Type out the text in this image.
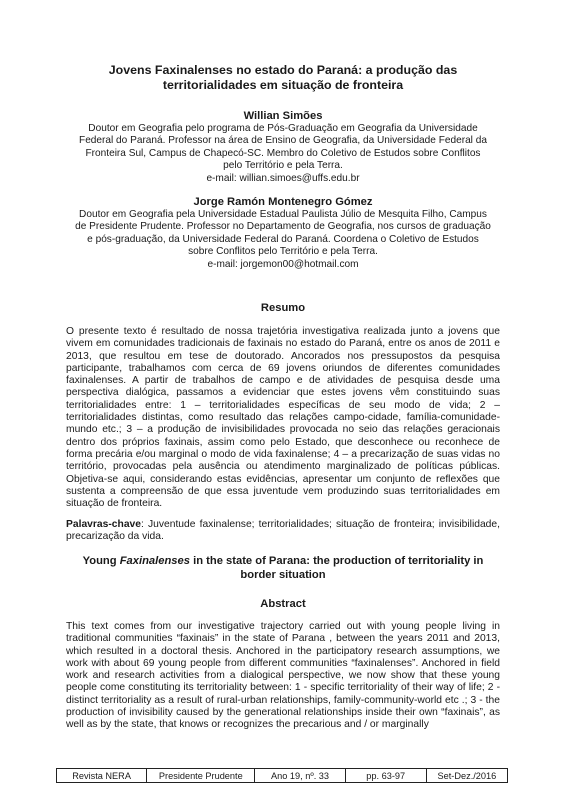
Jovens Faxinalenses no estado do Paraná: a produção das
territorialidades em situação de fronteira
Willian Simões
Doutor em Geografia pelo programa de Pós-Graduação em Geografia da Universidade
Federal do Paraná. Professor na área de Ensino de Geografia, da Universidade Federal da
Fronteira Sul, Campus de Chapecó-SC. Membro do Coletivo de Estudos sobre Conflitos
pelo Território e pela Terra.
e-mail: willian.simoes@uffs.edu.br
Jorge Ramón Montenegro Gómez
Doutor em Geografia pela Universidade Estadual Paulista Júlio de Mesquita Filho, Campus
de Presidente Prudente. Professor no Departamento de Geografia, nos cursos de graduação
e pós-graduação, da Universidade Federal do Paraná. Coordena o Coletivo de Estudos
sobre Conflitos pelo Território e pela Terra.
e-mail: jorgemon00@hotmail.com
Resumo
O presente texto é resultado de nossa trajetória investigativa realizada junto a jovens que vivem em comunidades tradicionais de faxinais no estado do Paraná, entre os anos de 2011 e 2013, que resultou em tese de doutorado. Ancorados nos pressupostos da pesquisa participante, trabalhamos com cerca de 69 jovens oriundos de diferentes comunidades faxinalenses. A partir de trabalhos de campo e de atividades de pesquisa desde uma perspectiva dialógica, passamos a evidenciar que estes jovens vêm constituindo suas territorialidades entre: 1 – territorialidades específicas de seu modo de vida; 2 – territorialidades distintas, como resultado das relações campo-cidade, família-comunidade-mundo etc.; 3 – a produção de invisibilidades provocada no seio das relações geracionais dentro dos próprios faxinais, assim como pelo Estado, que desconhece ou reconhece de forma precária e/ou marginal o modo de vida faxinalense; 4 – a precarização de suas vidas no território, provocadas pela ausência ou atendimento marginalizado de políticas públicas. Objetiva-se aqui, considerando estas evidências, apresentar um conjunto de reflexões que sustenta a compreensão de que essa juventude vem produzindo suas territorialidades em situação de fronteira.
Palavras-chave: Juventude faxinalense; territorialidades; situação de fronteira; invisibilidade, precarização da vida.
Young Faxinalenses in the state of Parana: the production of territoriality in border situation
Abstract
This text comes from our investigative trajectory carried out with young people living in traditional communities “faxinais” in the state of Parana , between the years 2011 and 2013, which resulted in a doctoral thesis. Anchored in the participatory research assumptions, we work with about 69 young people from different communities “faxinalenses”. Anchored in field work and research activities from a dialogical perspective, we now show that these young people come constituting its territoriality between: 1 - specific territoriality of their way of life; 2 - distinct territoriality as a result of rural-urban relationships, family-community-world etc .; 3 - the production of invisibility caused by the generational relationships inside their own “faxinais”, as well as by the state, that knows or recognizes the precarious and / or marginally
Revista NERA	Presidente Prudente	Ano 19, nº. 33	pp. 63-97	Set-Dez./2016
